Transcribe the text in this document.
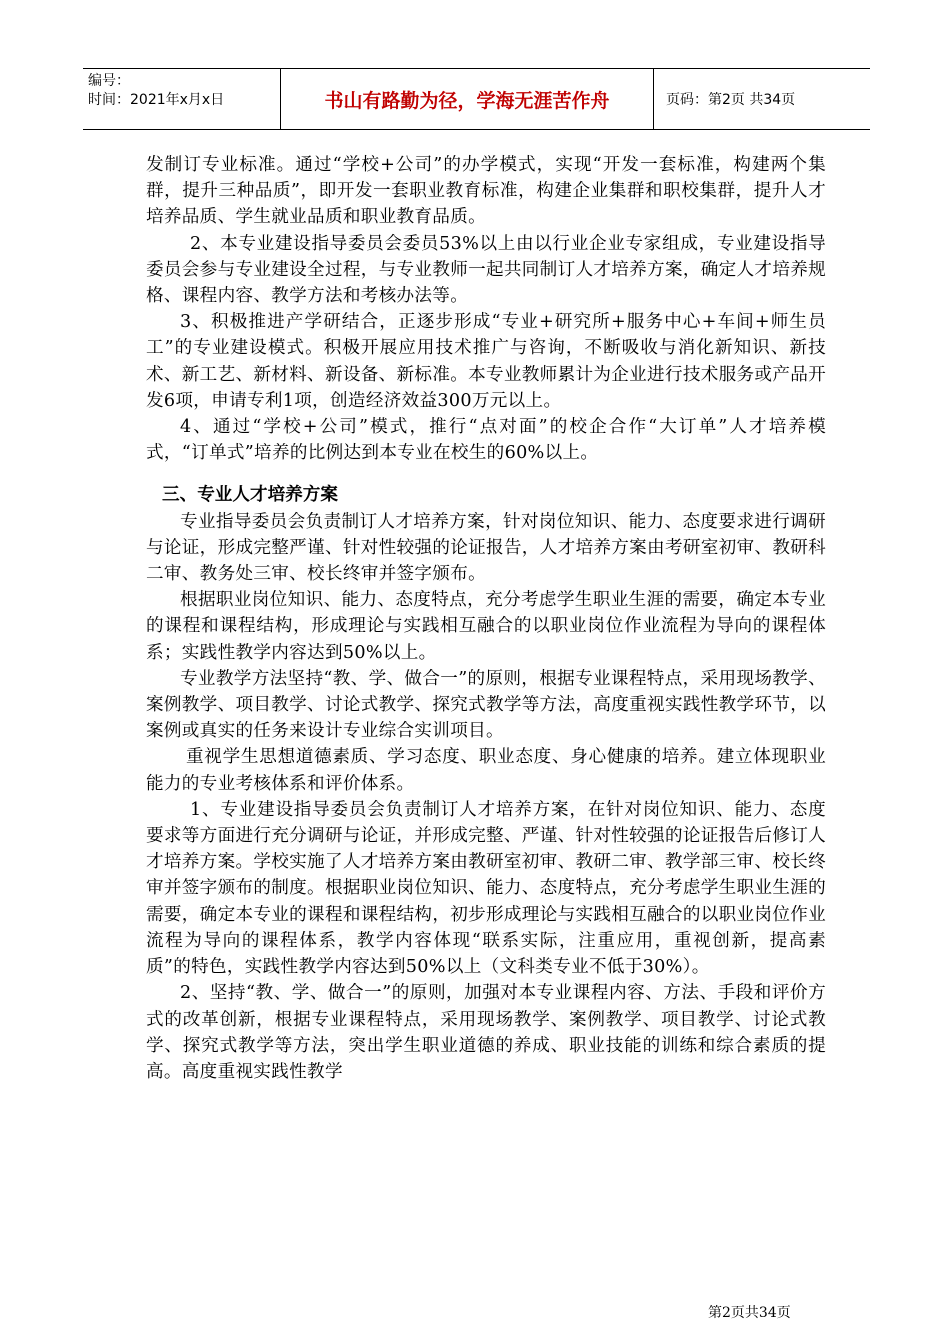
编号：
时间：2021年x月x日	书山有路勤为径，学海无涯苦作舟	页码：第2页 共34页

发制订专业标准。通过“学校+公司”的办学模式，实现“开发一套标准，构建两个集群，提升三种品质”，即开发一套职业教育标准，构建企业集群和职校集群，提升人才培养品质、学生就业品质和职业教育品质。

2、本专业建设指导委员会委员53%以上由以行业企业专家组成，专业建设指导委员会参与专业建设全过程，与专业教师一起共同制订人才培养方案，确定人才培养规格、课程内容、教学方法和考核办法等。

3、积极推进产学研结合，正逐步形成“专业+研究所+服务中心+车间+师生员工”的专业建设模式。积极开展应用技术推广与咨询，不断吸收与消化新知识、新技术、新工艺、新材料、新设备、新标准。本专业教师累计为企业进行技术服务或产品开发6项，申请专利1项，创造经济效益300万元以上。

4、通过“学校+公司”模式，推行“点对面”的校企合作“大订单”人才培养模式，“订单式”培养的比例达到本专业在校生的60%以上。

三、专业人才培养方案

专业指导委员会负责制订人才培养方案，针对岗位知识、能力、态度要求进行调研与论证，形成完整严谨、针对性较强的论证报告，人才培养方案由考研室初审、教研科二审、教务处三审、校长终审并签字颁布。

根据职业岗位知识、能力、态度特点，充分考虑学生职业生涯的需要，确定本专业的课程和课程结构，形成理论与实践相互融合的以职业岗位作业流程为导向的课程体系；实践性教学内容达到50%以上。

专业教学方法坚持“教、学、做合一”的原则，根据专业课程特点，采用现场教学、案例教学、项目教学、讨论式教学、探究式教学等方法，高度重视实践性教学环节，以案例或真实的任务来设计专业综合实训项目。

重视学生思想道德素质、学习态度、职业态度、身心健康的培养。建立体现职业能力的专业考核体系和评价体系。

1、专业建设指导委员会负责制订人才培养方案，在针对岗位知识、能力、态度要求等方面进行充分调研与论证，并形成完整、严谨、针对性较强的论证报告后修订人才培养方案。学校实施了人才培养方案由教研室初审、教研二审、教学部三审、校长终审并签字颁布的制度。根据职业岗位知识、能力、态度特点，充分考虑学生职业生涯的需要，确定本专业的课程和课程结构，初步形成理论与实践相互融合的以职业岗位作业流程为导向的课程体系，教学内容体现“联系实际，注重应用，重视创新，提高素质”的特色，实践性教学内容达到50%以上（文科类专业不低于30%）。

2、坚持“教、学、做合一”的原则，加强对本专业课程内容、方法、手段和评价方式的改革创新，根据专业课程特点，采用现场教学、案例教学、项目教学、讨论式教学、探究式教学等方法，突出学生职业道德的养成、职业技能的训练和综合素质的提高。高度重视实践性教学

第2页共34页
